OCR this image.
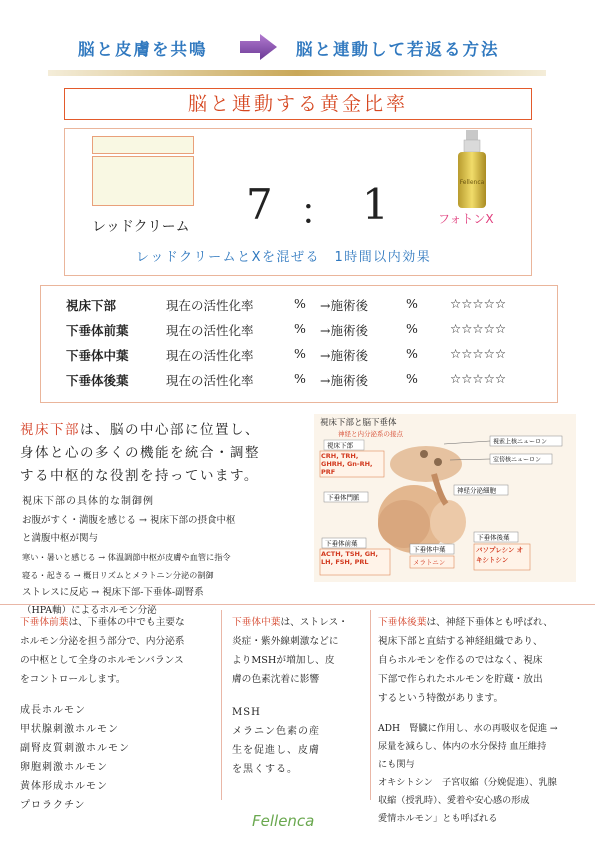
脳と皮膚を共鳴	脳と連動して若返る方法
脳と連動する黄金比率
レッドクリーム 7 ： 1	Fellenca
フォトンX
レッドクリームとXを混ぜる　1時間以内効果
視床下部	現在の活性化率	% →施術後	%	☆☆☆☆☆
下垂体前葉	現在の活性化率	% →施術後	%	☆☆☆☆☆
下垂体中葉	現在の活性化率	% →施術後	%	☆☆☆☆☆
下垂体後葉	現在の活性化率	% →施術後	%	☆☆☆☆☆
視床下部は、脳の中心部に位置し、
身体と心の多くの機能を統合・調整
する中枢的な役割を持っています。
視床下部の具体的な制御例
お腹がすく・満腹を感じる → 視床下部の摂食中枢
と満腹中枢が関与
寒い・暑いと感じる → 体温調節中枢が皮膚や血管に指令
寝る・起きる → 概日リズムとメラトニン分泌の制御
ストレスに反応 → 視床下部‐下垂体‐副腎系
（HPA軸）によるホルモン分泌
視床下部と脳下垂体
神経と内分泌系の接点
視床下部
CRH, TRH, GHRH, Gn-RH, PRF
視索上核ニューロン
室傍核ニューロン
下垂体門脈
神経分泌細胞
下垂体前葉
ACTH, TSH, GH, LH, FSH, PRL
下垂体中葉
メラトニン
下垂体後葉
バソプレシン オキシトシン
下垂体前葉は、下垂体の中でも主要な
ホルモン分泌を担う部分で、内分泌系
の中枢として全身のホルモンバランス
をコントロールします。
成長ホルモン
甲状腺刺激ホルモン
副腎皮質刺激ホルモン
卵胞刺激ホルモン
黄体形成ホルモン
プロラクチン
下垂体中葉は、ストレス・
炎症・紫外線刺激などに
よりMSHが増加し、皮
膚の色素沈着に影響
MSH
メラニン色素の産
生を促進し、皮膚
を黒くする。
下垂体後葉は、神経下垂体とも呼ばれ、
視床下部と直結する神経組織であり、
自らホルモンを作るのではなく、視床
下部で作られたホルモンを貯蔵・放出
するという特徴があります。
ADH　腎臓に作用し、水の再吸収を促進 →
尿量を減らし、体内の水分保持 血圧維持
にも関与
オキシトシン　子宮収縮（分娩促進）、乳腺
収縮（授乳時）、愛着や安心感の形成
愛情ホルモン」とも呼ばれる
Fellenca
